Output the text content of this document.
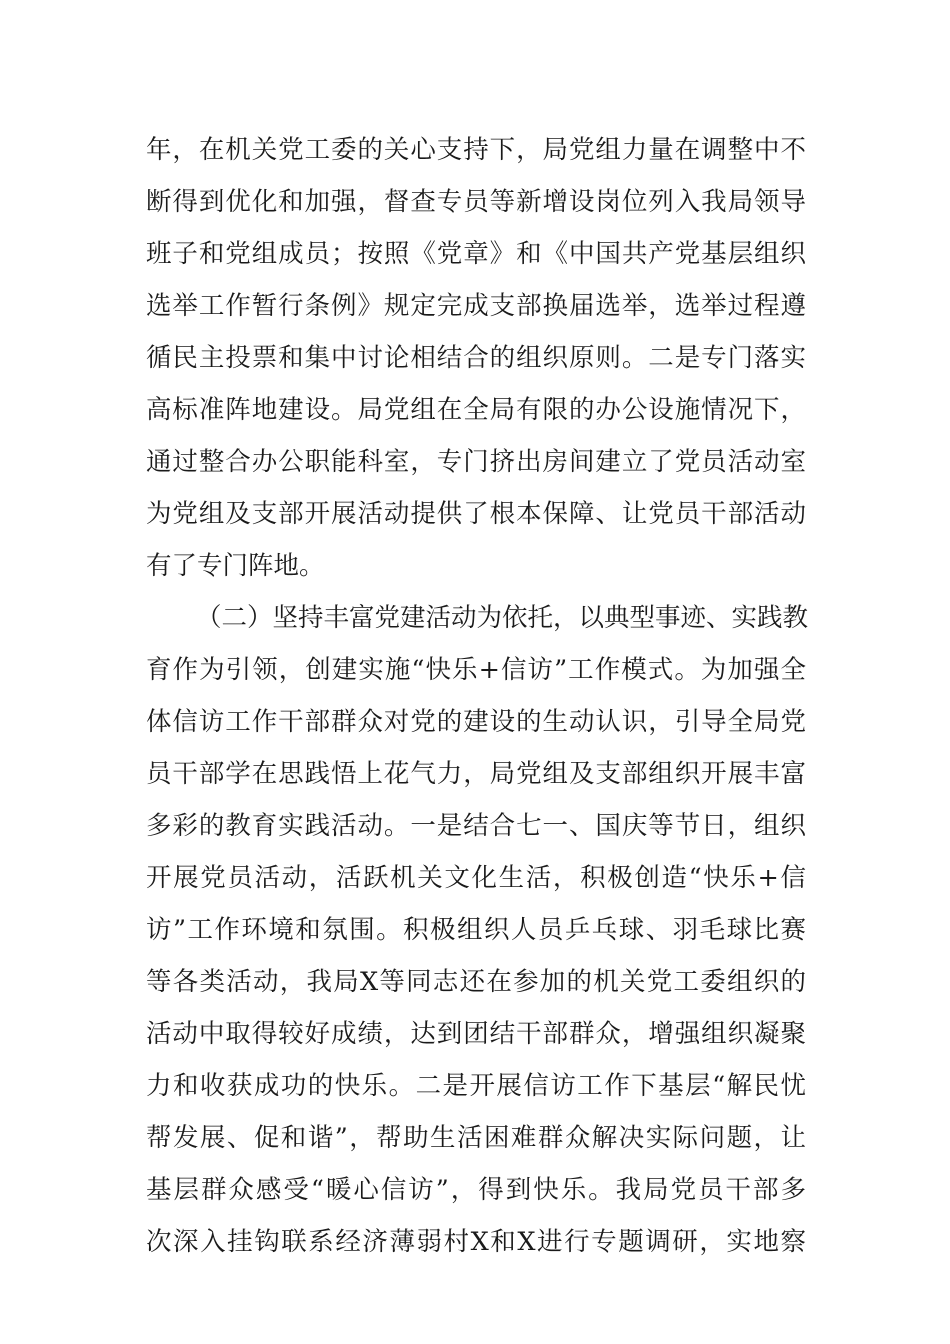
年，在机关党工委的关心支持下，局党组力量在调整中不
断得到优化和加强，督查专员等新增设岗位列入我局领导
班子和党组成员；按照《党章》和《中国共产党基层组织
选举工作暂行条例》规定完成支部换届选举，选举过程遵
循民主投票和集中讨论相结合的组织原则。二是专门落实
高标准阵地建设。局党组在全局有限的办公设施情况下，
通过整合办公职能科室，专门挤出房间建立了党员活动室
为党组及支部开展活动提供了根本保障、让党员干部活动
有了专门阵地。
（二）坚持丰富党建活动为依托，以典型事迹、实践教
育作为引领，创建实施“快乐+信访”工作模式。为加强全
体信访工作干部群众对党的建设的生动认识，引导全局党
员干部学在思践悟上花气力，局党组及支部组织开展丰富
多彩的教育实践活动。一是结合七一、国庆等节日，组织
开展党员活动，活跃机关文化生活，积极创造“快乐+信
访”工作环境和氛围。积极组织人员乒乓球、羽毛球比赛
等各类活动，我局X等同志还在参加的机关党工委组织的
活动中取得较好成绩，达到团结干部群众，增强组织凝聚
力和收获成功的快乐。二是开展信访工作下基层“解民忧
帮发展、促和谐”，帮助生活困难群众解决实际问题，让
基层群众感受“暖心信访”，得到快乐。我局党员干部多
次深入挂钩联系经济薄弱村X和X进行专题调研，实地察
